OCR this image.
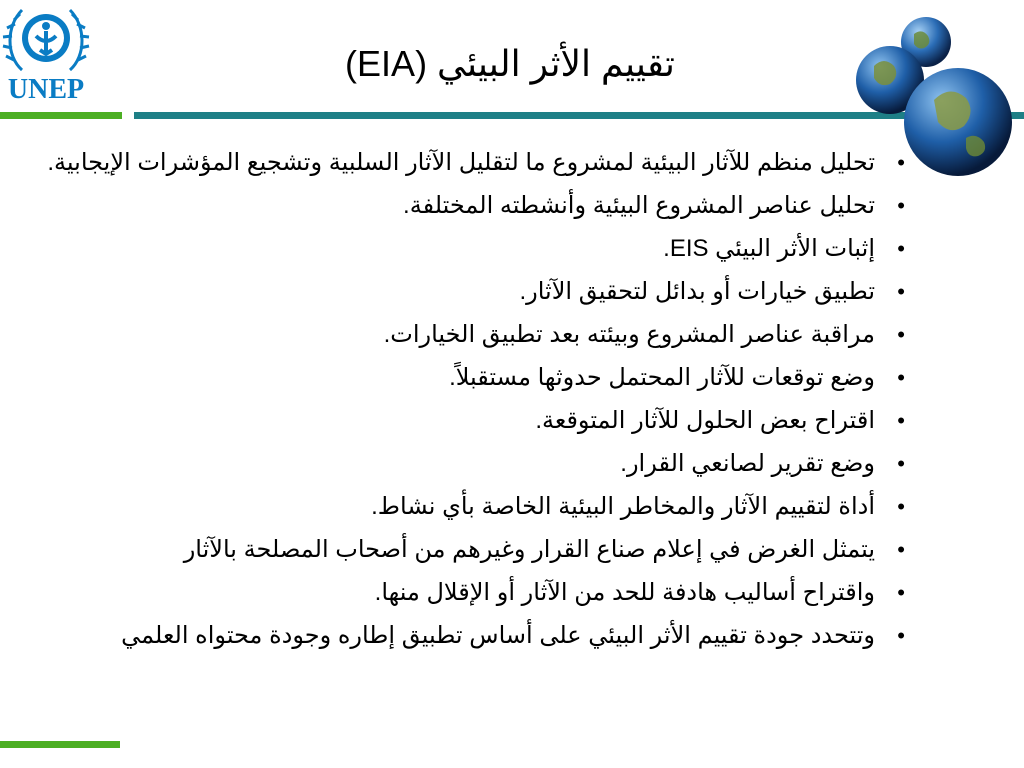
UNEP
تقييم الأثر البيئي (EIA)
• تحليل منظم للآثار البيئية لمشروع ما لتقليل الآثار السلبية وتشجيع المؤشرات الإيجابية.
• تحليل عناصر المشروع البيئية وأنشطته المختلفة.
• إثبات الأثر البيئي EIS.
• تطبيق خيارات أو بدائل لتحقيق الآثار.
• مراقبة عناصر المشروع وبيئته بعد تطبيق الخيارات.
• وضع توقعات للآثار المحتمل حدوثها مستقبلاً.
• اقتراح بعض الحلول للآثار المتوقعة.
• وضع تقرير لصانعي القرار.
• أداة لتقييم الآثار والمخاطر البيئية الخاصة بأي نشاط.
• يتمثل الغرض في إعلام صناع القرار وغيرهم من أصحاب المصلحة بالآثار
• واقتراح أساليب هادفة للحد من الآثار أو الإقلال منها.
• وتتحدد جودة تقييم الأثر البيئي على أساس تطبيق إطاره وجودة محتواه العلمي
